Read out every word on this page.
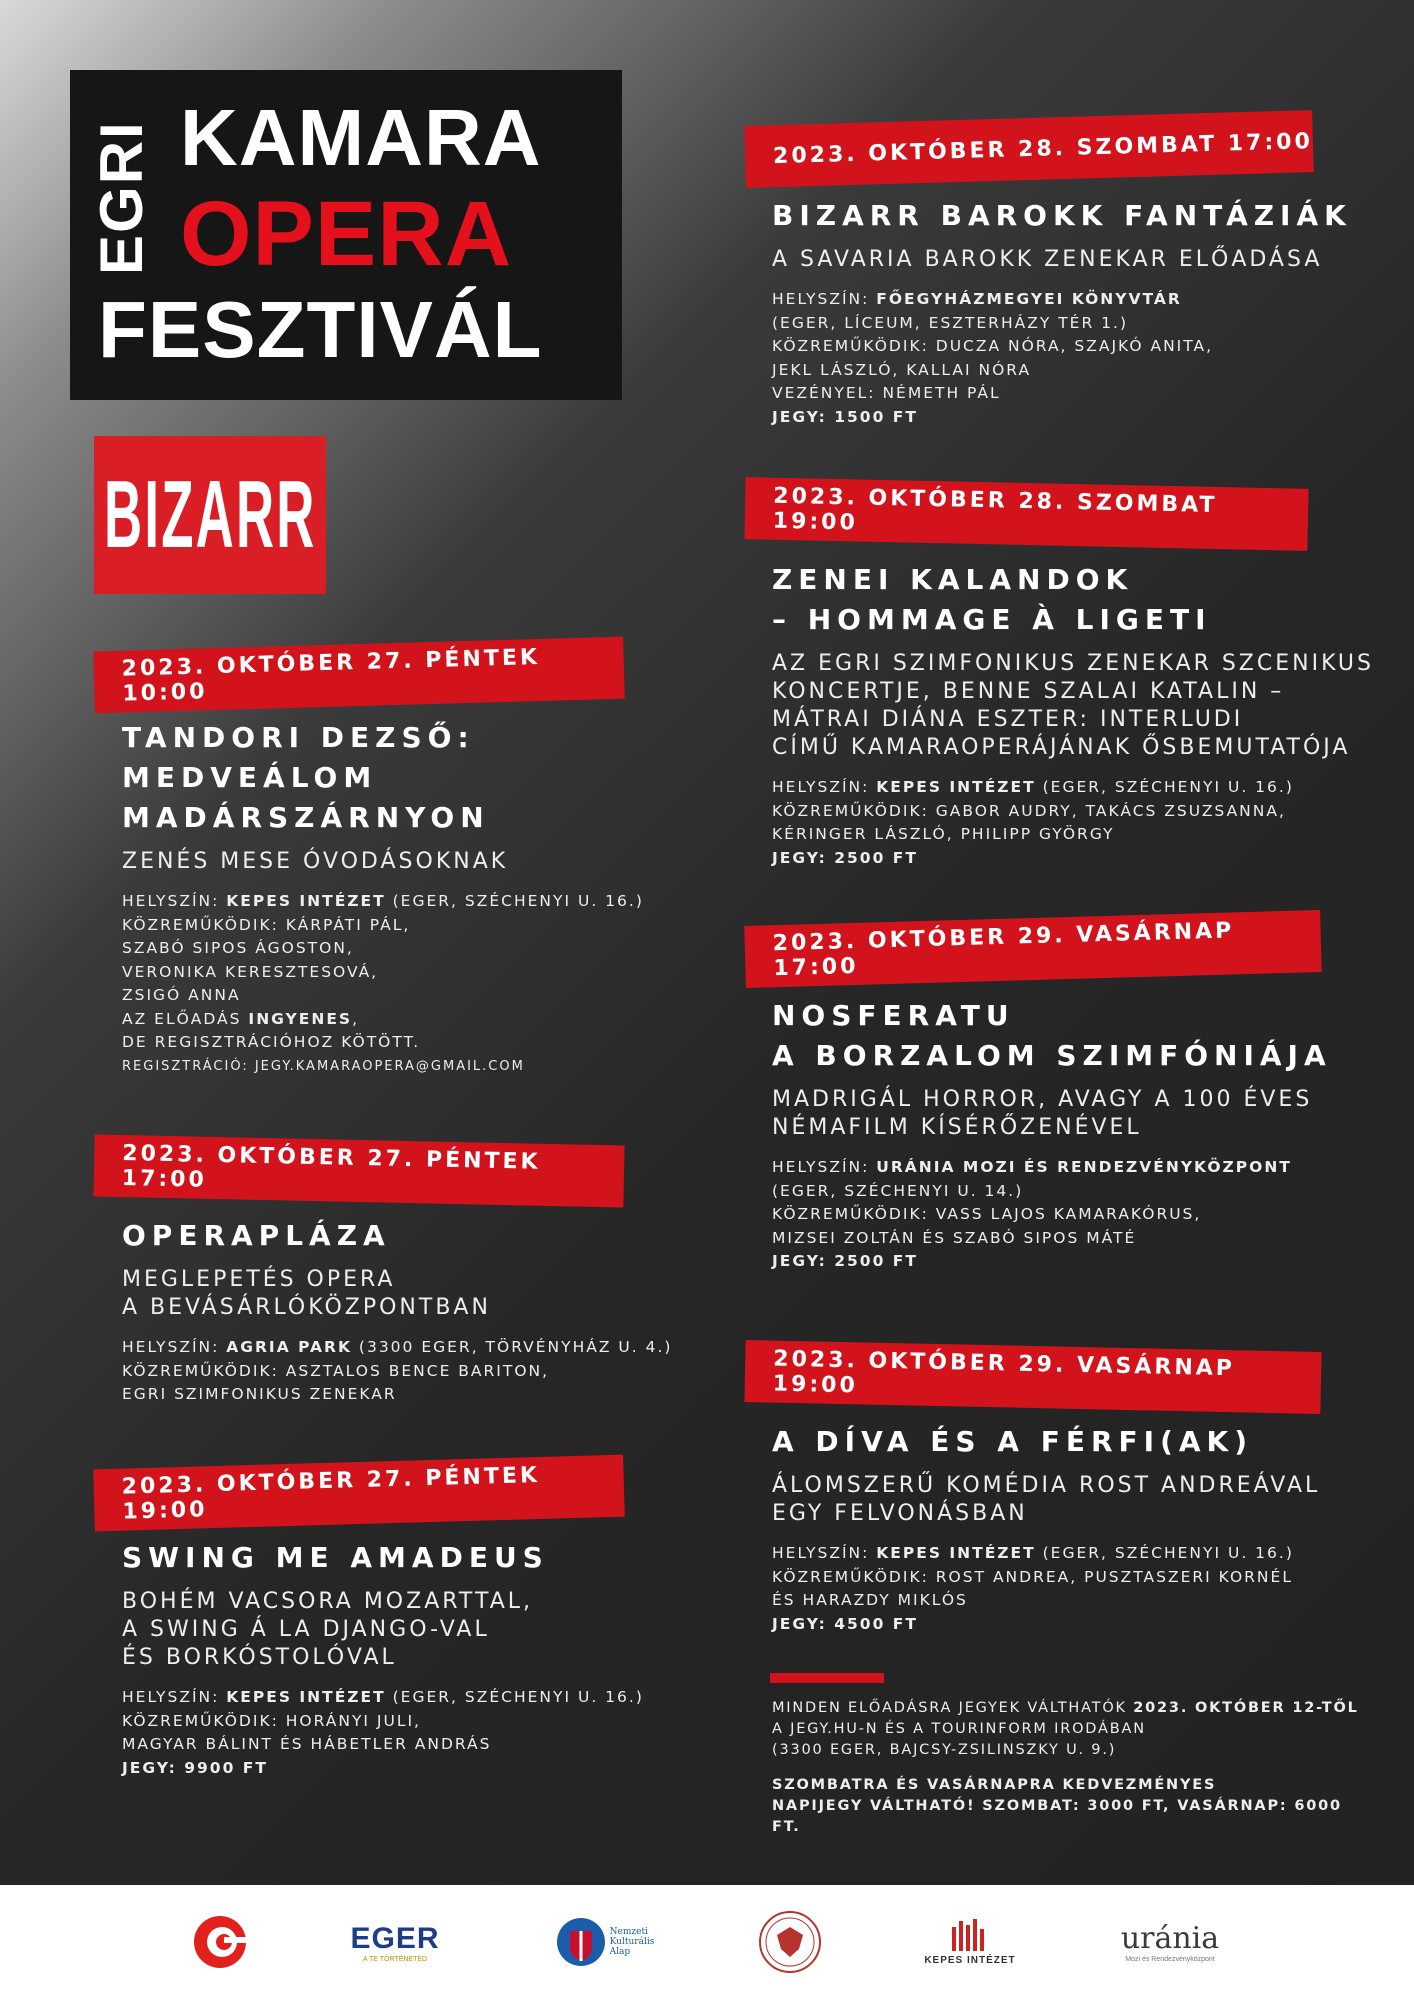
EGRI KAMARA
OPERA
FESZTIVÁL
BIZARR
2023. OKTÓBER 27. PÉNTEK 10:00
TANDORI DEZSŐ:
MEDVEÁLOM
MADÁRSZÁRNYON
ZENÉS MESE ÓVODÁSOKNAK
HELYSZÍN: KEPES INTÉZET (EGER, SZÉCHENYI U. 16.)
KÖZREMŰKÖDIK: KÁRPÁTI PÁL,
SZABÓ SIPOS ÁGOSTON,
VERONIKA KERESZTESOVÁ,
ZSIGÓ ANNA
AZ ELŐADÁS INGYENES,
DE REGISZTRÁCIÓHOZ KÖTÖTT.
REGISZTRÁCIÓ: JEGY.KAMARAOPERA@GMAIL.COM
2023. OKTÓBER 27. PÉNTEK 17:00
OPERAPLÁZA
MEGLEPETÉS OPERA
A BEVÁSÁRLÓKÖZPONTBAN
HELYSZÍN: AGRIA PARK (3300 EGER, TÖRVÉNYHÁZ U. 4.)
KÖZREMŰKÖDIK: ASZTALOS BENCE BARITON,
EGRI SZIMFONIKUS ZENEKAR
2023. OKTÓBER 27. PÉNTEK 19:00
SWING ME AMADEUS
BOHÉM VACSORA MOZARTTAL,
A SWING Á LA DJANGO-VAL
ÉS BORKÓSTOLÓVAL
HELYSZÍN: KEPES INTÉZET (EGER, SZÉCHENYI U. 16.)
KÖZREMŰKÖDIK: HORÁNYI JULI,
MAGYAR BÁLINT ÉS HÁBETLER ANDRÁS
JEGY: 9900 FT
2023. OKTÓBER 28. SZOMBAT 17:00
BIZARR BAROKK FANTÁZIÁK
A SAVARIA BAROKK ZENEKAR ELŐADÁSA
HELYSZÍN: FŐEGYHÁZMEGYEI KÖNYVTÁR
(EGER, LÍCEUM, ESZTERHÁZY TÉR 1.)
KÖZREMŰKÖDIK: DUCZA NÓRA, SZAJKÓ ANITA,
JEKL LÁSZLÓ, KALLAI NÓRA
VEZÉNYEL: NÉMETH PÁL
JEGY: 1500 FT
2023. OKTÓBER 28. SZOMBAT 19:00
ZENEI KALANDOK
– HOMMAGE À LIGETI
AZ EGRI SZIMFONIKUS ZENEKAR SZCENIKUS
KONCERTJE, BENNE SZALAI KATALIN –
MÁTRAI DIÁNA ESZTER: INTERLUDI
CÍMŰ KAMARAOPERÁJÁNAK ŐSBEMUTATÓJA
HELYSZÍN: KEPES INTÉZET (EGER, SZÉCHENYI U. 16.)
KÖZREMŰKÖDIK: GABOR AUDRY, TAKÁCS ZSUZSANNA,
KÉRINGER LÁSZLÓ, PHILIPP GYÖRGY
JEGY: 2500 FT
2023. OKTÓBER 29. VASÁRNAP 17:00
NOSFERATU
A BORZALOM SZIMFÓNIÁJA
MADRIGÁL HORROR, AVAGY A 100 ÉVES
NÉMAFILM KÍSÉRŐZENÉVEL
HELYSZÍN: URÁNIA MOZI ÉS RENDEZVÉNYKÖZPONT
(EGER, SZÉCHENYI U. 14.)
KÖZREMŰKÖDIK: VASS LAJOS KAMARAKÓRUS,
MIZSEI ZOLTÁN ÉS SZABÓ SIPOS MÁTÉ
JEGY: 2500 FT
2023. OKTÓBER 29. VASÁRNAP 19:00
A DÍVA ÉS A FÉRFI(AK)
ÁLOMSZERŰ KOMÉDIA ROST ANDREÁVAL
EGY FELVONÁSBAN
HELYSZÍN: KEPES INTÉZET (EGER, SZÉCHENYI U. 16.)
KÖZREMŰKÖDIK: ROST ANDREA, PUSZTASZERI KORNÉL
ÉS HARAZDY MIKLÓS
JEGY: 4500 FT

MINDEN ELŐADÁSRA JEGYEK VÁLTHATÓK 2023. OKTÓBER 12-TŐL

A JEGY.HU-N ÉS A TOURINFORM IRODÁBAN

(3300 EGER, BAJCSY-ZSILINSZKY U. 9.)

SZOMBATRA ÉS VASÁRNAPRA KEDVEZMÉNYES

NAPIJEGY VÁLTHATÓ! SZOMBAT: 3000 FT, VASÁRNAP: 6000 FT.

EGER
A TE TÖRTÉNETED
Nemzeti
Kulturális
Alap
KEPES INTÉZET
uránia
Mozi és Rendezvényközpont
